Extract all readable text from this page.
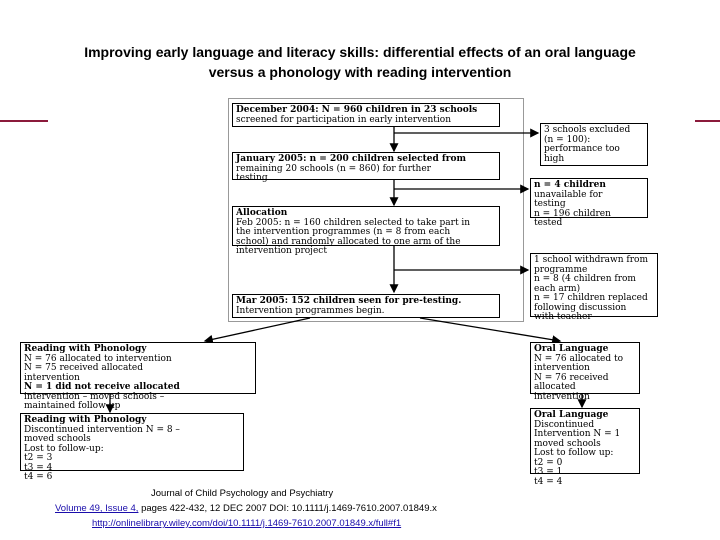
Improving early language and literacy skills: differential effects of an oral language
versus a phonology with reading intervention
December 2004: N = 960 children in 23 schools
screened for participation in early intervention
3 schools excluded
(n = 100):
performance too
high
January 2005: n = 200 children selected from
remaining 20 schools (n = 860) for further
testing
n = 4 children
unavailable for
testing
n = 196 children
tested
Allocation
Feb 2005: n = 160 children selected to take part in
the intervention programmes (n = 8 from each
school) and randomly allocated to one arm of the
intervention project
1 school withdrawn from
programme
n = 8 (4 children from
each arm)
n = 17 children replaced
following discussion
with teacher
Mar 2005: 152 children seen for pre-testing.
Intervention programmes begin.
Reading with Phonology
N = 76 allocated to intervention
N = 75 received allocated
intervention
N = 1 did not receive allocated
intervention – moved schools –
maintained follow-up
Oral Language
N = 76 allocated to
intervention
N = 76 received
allocated
intervention
Reading with Phonology
Discontinued intervention N = 8 –
moved schools
Lost to follow-up:
t2 = 3
t3 = 4
t4 = 6
Oral Language
Discontinued
Intervention N = 1
moved schools
Lost to follow up:
t2 = 0
t3 = 1
t4 = 4
Journal of Child Psychology and Psychiatry
Volume 49, Issue 4, pages 422-432, 12 DEC 2007 DOI: 10.1111/j.1469-7610.2007.01849.x
http://onlinelibrary.wiley.com/doi/10.1111/j.1469-7610.2007.01849.x/full#f1
